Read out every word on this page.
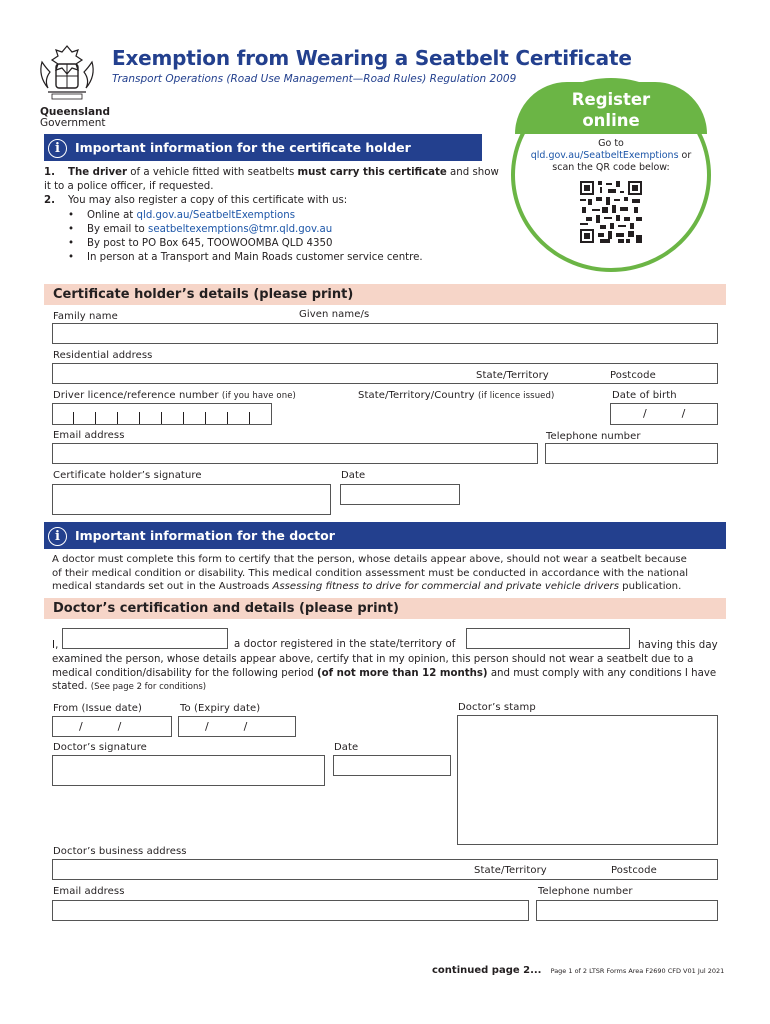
Queensland
Government
Exemption from Wearing a Seatbelt Certificate
Transport Operations (Road Use Management—Road Rules) Regulation 2009
Register
online
Go to
qld.gov.au/SeatbeltExemptions or
scan the QR code below:
i Important information for the certificate holder
1. The driver of a vehicle fitted with seatbelts must carry this certificate and show it to a police officer, if requested.
2. You may also register a copy of this certificate with us:
•    Online at qld.gov.au/SeatbeltExemptions
•    By email to seatbeltexemptions@tmr.qld.gov.au
•    By post to PO Box 645, TOOWOOMBA QLD 4350
•    In person at a Transport and Main Roads customer service centre.
Certificate holder’s details (please print)
Family name	Given name/s
Residential address
State/Territory	Postcode
Driver licence/reference number (if you have one)	State/Territory/Country (if licence issued)	Date of birth
/          /
Email address	Telephone number
Certificate holder’s signature	Date
i Important information for the doctor
A doctor must complete this form to certify that the person, whose details appear above, should not wear a seatbelt because
of their medical condition or disability. This medical condition assessment must be conducted in accordance with the national
medical standards set out in the Austroads Assessing fitness to drive for commercial and private vehicle drivers publication.
Doctor’s certification and details (please print)
I,	a doctor registered in the state/territory of	having this day
examined the person, whose details appear above, certify that in my opinion, this person should not wear a seatbelt due to a
medical condition/disability for the following period (of not more than 12 months) and must comply with any conditions I have
stated. (See page 2 for conditions)
From (Issue date)	To (Expiry date)	Doctor’s stamp
/          /	/          /
Doctor’s signature	Date
Doctor’s business address
State/Territory	Postcode
Email address	Telephone number
continued page 2... Page 1 of 2 LTSR Forms Area F2690 CFD V01 Jul 2021
